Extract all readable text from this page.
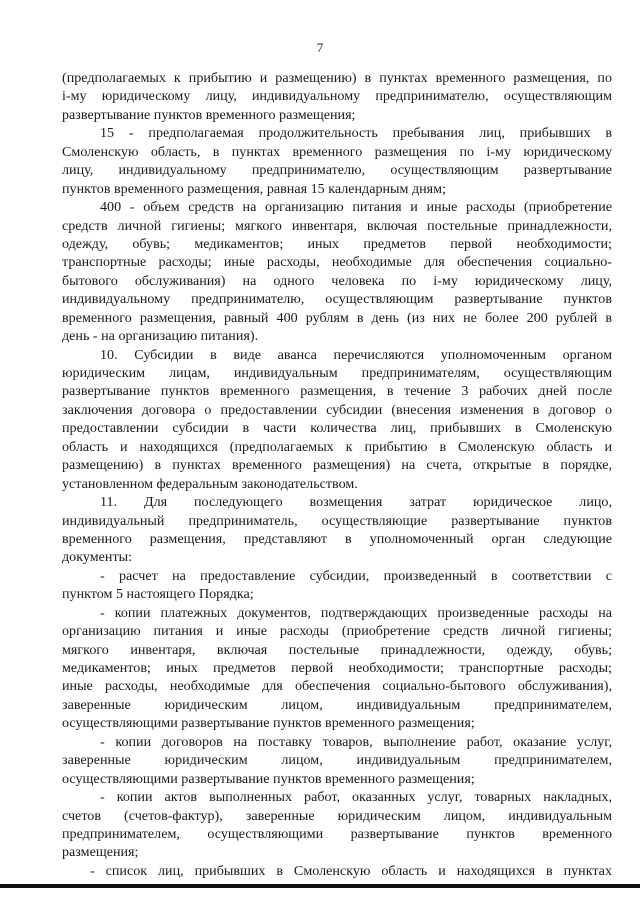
7
(предполагаемых к прибытию и размещению) в пунктах временного размещения, по
i-му юридическому лицу, индивидуальному предпринимателю, осуществляющим
развертывание пунктов временного размещения;
15 - предполагаемая продолжительность пребывания лиц, прибывших в
Смоленскую область, в пунктах временного размещения по i-му юридическому
лицу, индивидуальному предпринимателю, осуществляющим развертывание
пунктов временного размещения, равная 15 календарным дням;
400 - объем средств на организацию питания и иные расходы (приобретение
средств личной гигиены; мягкого инвентаря, включая постельные принадлежности,
одежду, обувь; медикаментов; иных предметов первой необходимости;
транспортные расходы; иные расходы, необходимые для обеспечения социально-
бытового обслуживания) на одного человека по i-му юридическому лицу,
индивидуальному предпринимателю, осуществляющим развертывание пунктов
временного размещения, равный 400 рублям в день (из них не более 200 рублей в
день - на организацию питания).
10. Субсидии в виде аванса перечисляются уполномоченным органом
юридическим лицам, индивидуальным предпринимателям, осуществляющим
развертывание пунктов временного размещения, в течение 3 рабочих дней после
заключения договора о предоставлении субсидии (внесения изменения в договор о
предоставлении субсидии в части количества лиц, прибывших в Смоленскую
область и находящихся (предполагаемых к прибытию в Смоленскую область и
размещению) в пунктах временного размещения) на счета, открытые в порядке,
установленном федеральным законодательством.
11. Для последующего возмещения затрат юридическое лицо,
индивидуальный предприниматель, осуществляющие развертывание пунктов
временного размещения, представляют в уполномоченный орган следующие
документы:
- расчет на предоставление субсидии, произведенный в соответствии с
пунктом 5 настоящего Порядка;
- копии платежных документов, подтверждающих произведенные расходы на
организацию питания и иные расходы (приобретение средств личной гигиены;
мягкого инвентаря, включая постельные принадлежности, одежду, обувь;
медикаментов; иных предметов первой необходимости; транспортные расходы;
иные расходы, необходимые для обеспечения социально-бытового обслуживания),
заверенные юридическим лицом, индивидуальным предпринимателем,
осуществляющими развертывание пунктов временного размещения;
- копии договоров на поставку товаров, выполнение работ, оказание услуг,
заверенные юридическим лицом, индивидуальным предпринимателем,
осуществляющими развертывание пунктов временного размещения;
- копии актов выполненных работ, оказанных услуг, товарных накладных,
счетов (счетов-фактур), заверенные юридическим лицом, индивидуальным
предпринимателем, осуществляющими развертывание пунктов временного
размещения;
- список лиц, прибывших в Смоленскую область и находящихся в пунктах
